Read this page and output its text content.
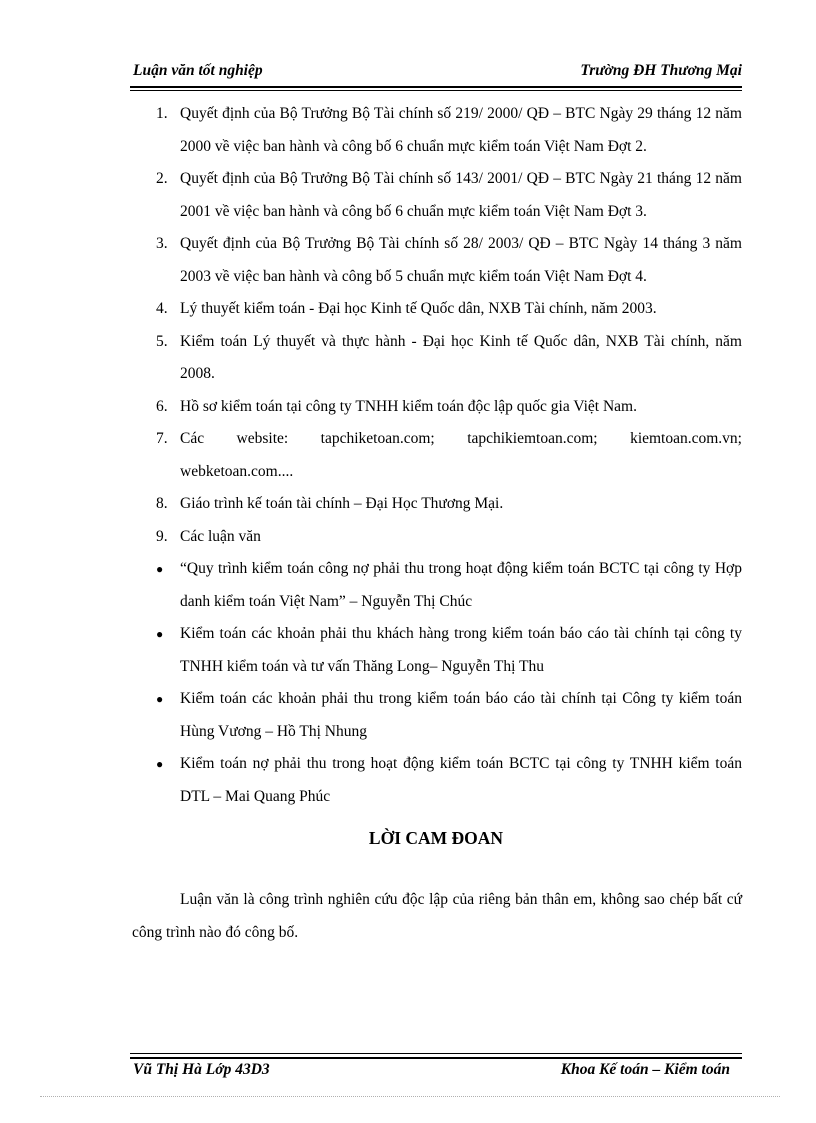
Luận văn tốt nghiệp	Trường ĐH Thương Mại
1. Quyết định của Bộ Trưởng Bộ Tài chính số 219/ 2000/ QĐ – BTC Ngày 29 tháng 12 năm 2000 về việc ban hành và công bố 6 chuẩn mực kiểm toán Việt Nam Đợt 2.
2. Quyết định của Bộ Trưởng Bộ Tài chính số 143/ 2001/ QĐ – BTC Ngày 21 tháng 12 năm 2001 về việc ban hành và công bố 6 chuẩn mực kiểm toán Việt Nam Đợt 3.
3. Quyết định của Bộ Trưởng Bộ Tài chính số 28/ 2003/ QĐ – BTC Ngày 14 tháng 3 năm 2003 về việc ban hành và công bố 5 chuẩn mực kiểm toán Việt Nam Đợt 4.
4. Lý thuyết kiểm toán - Đại học Kinh tế Quốc dân, NXB Tài chính, năm 2003.
5. Kiểm toán Lý thuyết và thực hành - Đại học Kinh tế Quốc dân, NXB Tài chính, năm 2008.
6. Hồ sơ kiểm toán tại công ty TNHH kiểm toán độc lập quốc gia Việt Nam.
7. Các website: tapchiketoan.com; tapchikiemtoan.com; kiemtoan.com.vn; webketoan.com....
8. Giáo trình kế toán tài chính – Đại Học Thương Mại.
9. Các luận văn
● “Quy trình kiểm toán công nợ phải thu trong hoạt động kiểm toán BCTC tại công ty Hợp danh kiểm toán Việt Nam” – Nguyễn Thị Chúc
● Kiểm toán các khoản phải thu khách hàng trong kiểm toán báo cáo tài chính tại công ty TNHH kiểm toán và tư vấn Thăng Long– Nguyễn Thị Thu
● Kiểm toán các khoản phải thu trong kiểm toán báo cáo tài chính tại Công ty kiểm toán Hùng Vương – Hồ Thị Nhung
● Kiểm toán nợ phải thu trong hoạt động kiểm toán BCTC tại công ty TNHH kiểm toán DTL – Mai Quang Phúc
LỜI CAM ĐOAN
Luận văn là công trình nghiên cứu độc lập của riêng bản thân em, không sao chép bất cứ công trình nào đó công bố.
Vũ Thị Hà Lớp 43D3	Khoa Kế toán – Kiểm toán
